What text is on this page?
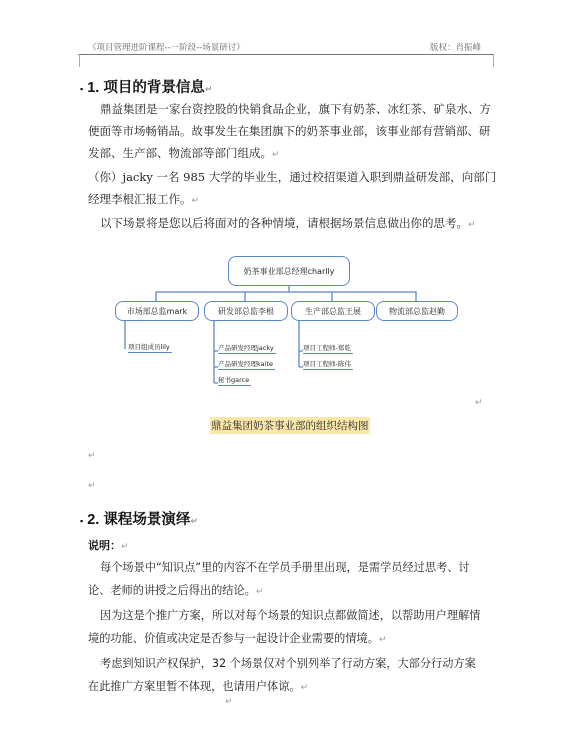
《项目管理进阶课程--一阶段--场景研讨》	版权：肖振峰
▪ 1. 项目的背景信息↵
鼎益集团是一家台资控股的快销食品企业，旗下有奶茶、冰红茶、矿泉水、方
便面等市场畅销品。故事发生在集团旗下的奶茶事业部，该事业部有营销部、研
发部、生产部、物流部等部门组成。↵
（你）jacky 一名 985 大学的毕业生，通过校招渠道入职到鼎益研发部，向部门
经理李根汇报工作。↵
以下场景将是您以后将面对的各种情境，请根据场景信息做出你的思考。↵
奶茶事业部总经理charlly
市场部总监mark	研发部总监李根	生产部总监王展	物流部总监赵勤
项目组成员lily	产品研发经理jacky
产品研发经理kaite
秘书garce
项目工程师-郑乾
项目工程师-陈伟
↵
鼎益集团奶茶事业部的组织结构图
↵
↵
▪ 2. 课程场景演绎↵
说明：↵
每个场景中“知识点”里的内容不在学员手册里出现，是需学员经过思考、讨
论、老师的讲授之后得出的结论。↵
因为这是个推广方案，所以对每个场景的知识点都做简述，以帮助用户理解情
境的功能、价值或决定是否参与一起设计企业需要的情境。↵
考虑到知识产权保护，32 个场景仅对个别列举了行动方案，大部分行动方案
在此推广方案里暂不体现，也请用户体谅。↵
↵
